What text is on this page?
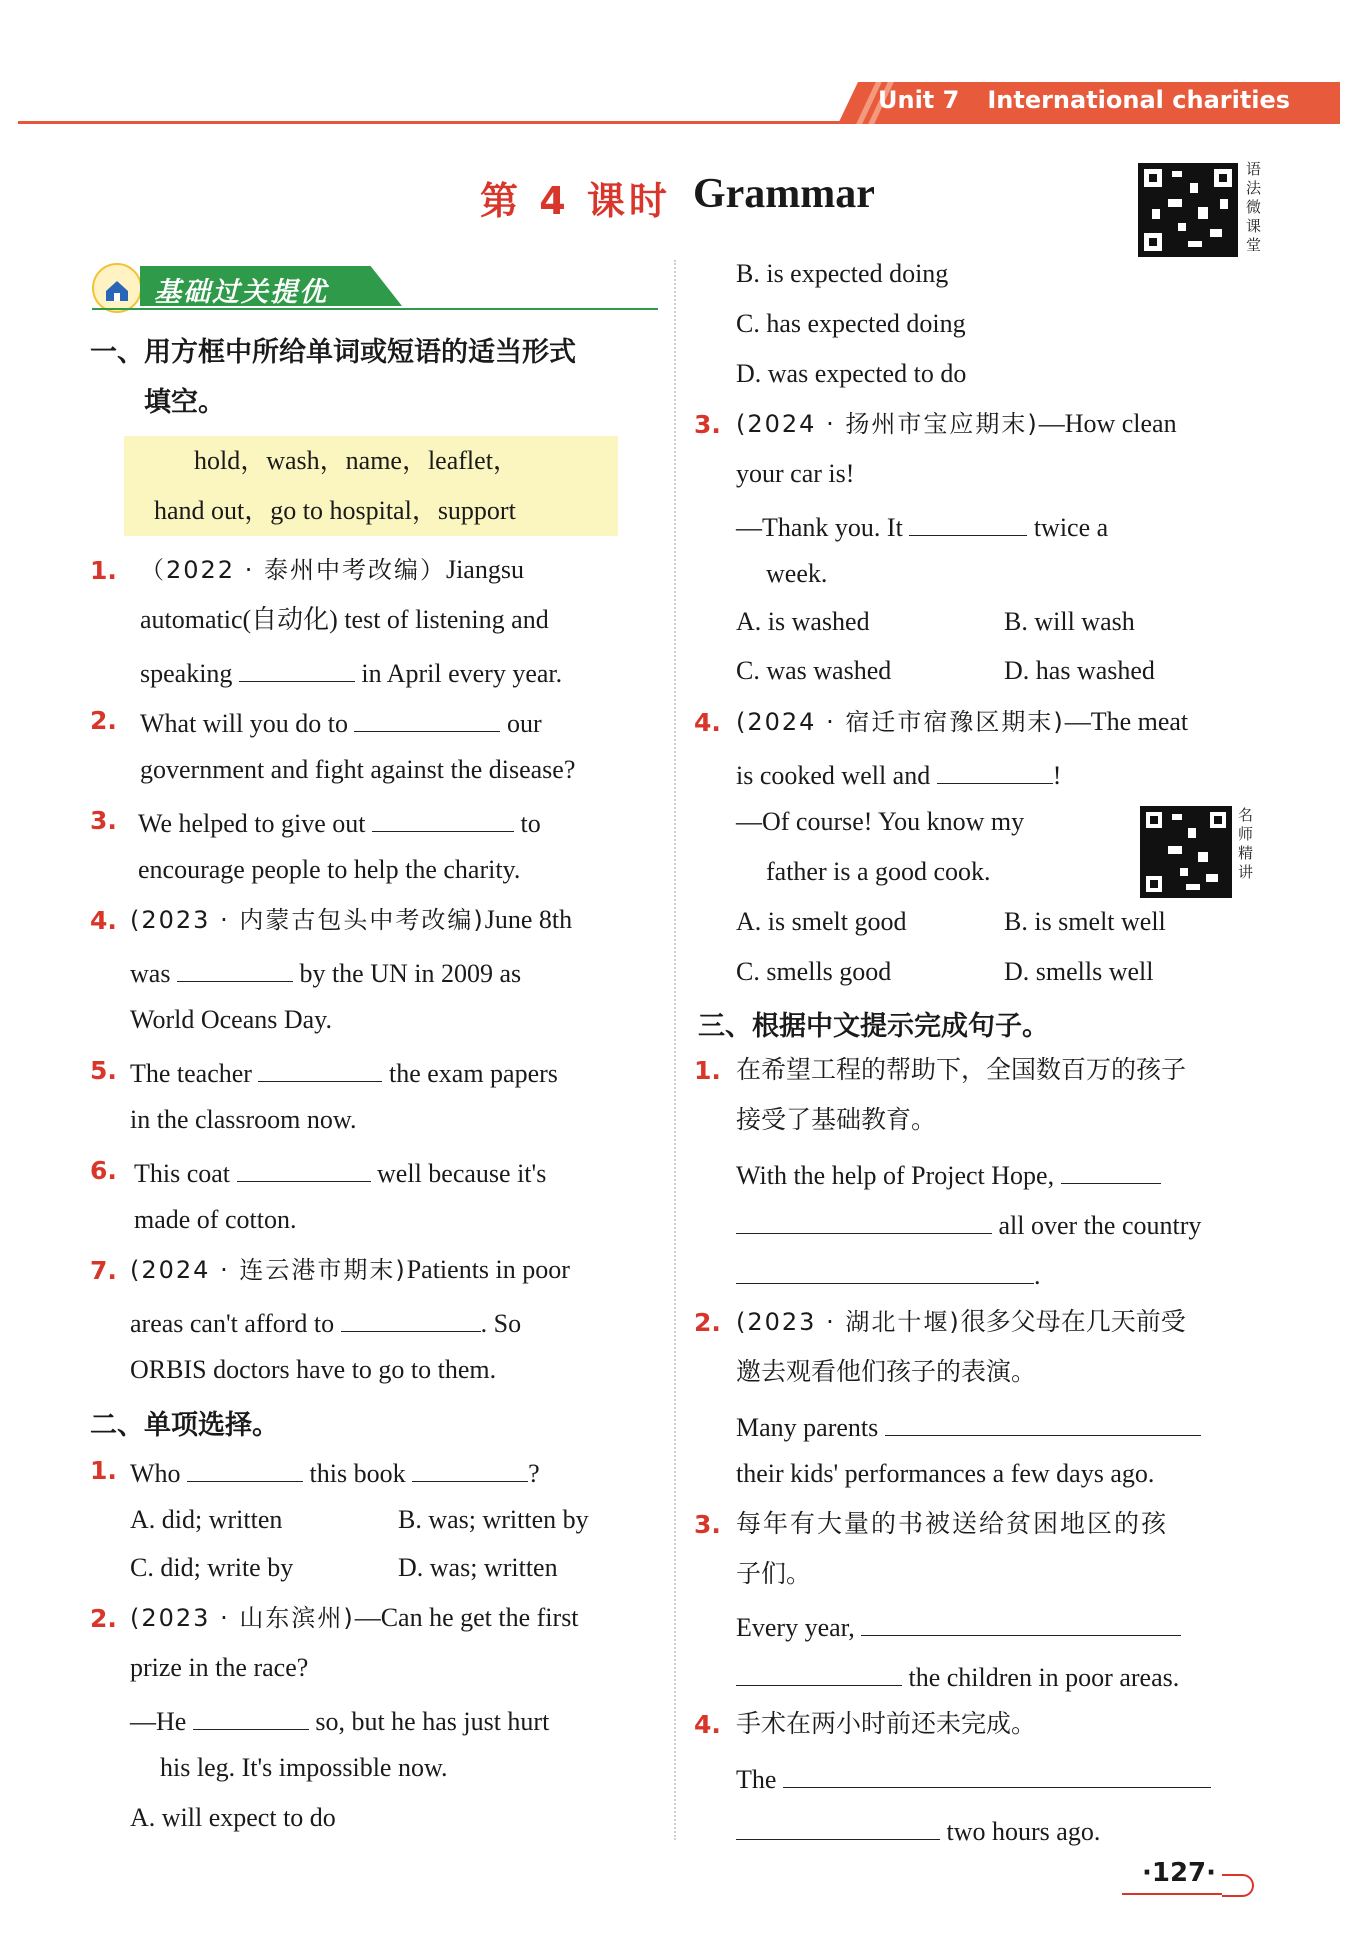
Unit 7 International charities
第 4 课时 Grammar
语法微课堂
基础过关提优
一、用方框中所给单词或短语的适当形式
填空。
hold，wash，name，leaflet，
hand out，go to hospital，support
1. （2022 · 泰州中考改编）Jiangsu
automatic(自动化) test of listening and
speaking	in April every year.
2. What will you do to	our
government and fight against the disease?
3. We helped to give out	to
encourage people to help the charity.
4. (2023 · 内蒙古包头中考改编)June 8th
was	by the UN in 2009 as
World Oceans Day.
5. The teacher	the exam papers
in the classroom now.
6. This coat	well because it's
made of cotton.
7. (2024 · 连云港市期末)Patients in poor
areas can't afford to	. So
ORBIS doctors have to go to them.
二、单项选择。
1. Who	this book	?
A. did; written	B. was; written by
C. did; write by	D. was; written
2. (2023 · 山东滨州)—Can he get the first
prize in the race?
—He	so, but he has just hurt
his leg. It's impossible now.
A. will expect to do
B. is expected doing
C. has expected doing
D. was expected to do
3. (2024 · 扬州市宝应期末)—How clean
your car is!
—Thank you. It	twice a
week.
A. is washed	B. will wash
C. was washed	D. has washed
4. (2024 · 宿迁市宿豫区期末)—The meat
is cooked well and	!
—Of course! You know my
father is a good cook.
A. is smelt good	B. is smelt well
C. smells good	D. smells well
名师精讲
三、根据中文提示完成句子。
1. 在希望工程的帮助下，全国数百万的孩子
接受了基础教育。
With the help of Project Hope,
all over the country
.
2. (2023 · 湖北十堰)很多父母在几天前受
邀去观看他们孩子的表演。
Many parents
their kids' performances a few days ago.
3. 每年有大量的书被送给贫困地区的孩
子们。
Every year,
the children in poor areas.
4. 手术在两小时前还未完成。
The
two hours ago.
·127·
